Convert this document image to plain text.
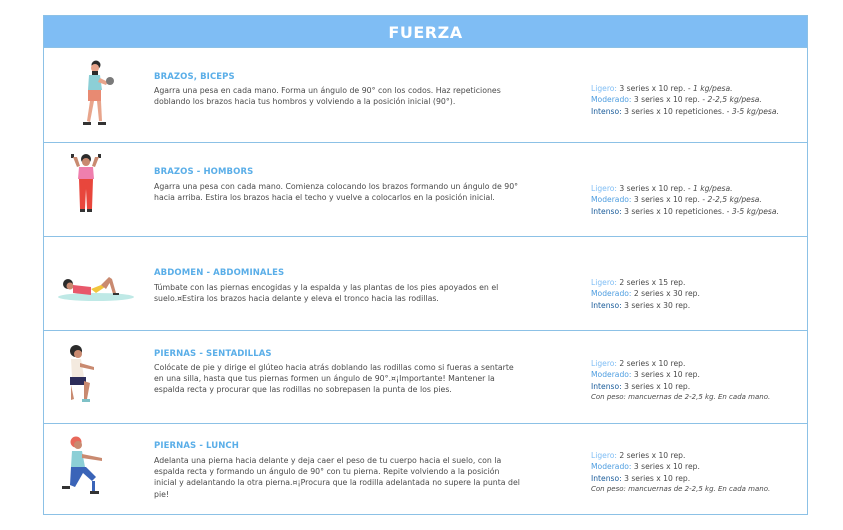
FUERZA
BRAZOS, BICEPS
Agarra una pesa en cada mano. Forma un ángulo de 90° con los codos. Haz repeticiones doblando los brazos hacia tus hombros y volviendo a la posición inicial (90°).
Ligero: 3 series x 10 rep. - 1 kg/pesa.
Moderado: 3 series x 10 rep. - 2-2,5 kg/pesa.
Intenso: 3 series x 10 repeticiones. - 3-5 kg/pesa.
BRAZOS - HOMBORS
Agarra una pesa con cada mano. Comienza colocando los brazos formando un ángulo de 90° hacia arriba. Estira los brazos hacia el techo y vuelve a colocarlos en la posición inicial.
Ligero: 3 series x 10 rep. - 1 kg/pesa.
Moderado: 3 series x 10 rep. - 2-2,5 kg/pesa.
Intenso: 3 series x 10 repeticiones. - 3-5 kg/pesa.
ABDOMEN - ABDOMINALES
Túmbate con las piernas encogidas y la espalda y las plantas de los pies apoyados en el suelo.¤Estira los brazos hacia delante y eleva el tronco hacia las rodillas.
Ligero: 2 series x 15 rep.
Moderado: 2 series x 30 rep.
Intenso: 3 series x 30 rep.
PIERNAS - SENTADILLAS
Colócate de pie y dirige el glúteo hacia atrás doblando las rodillas como si fueras a sentarte en una silla, hasta que tus piernas formen un ángulo de 90°.¤¡Importante! Mantener la espalda recta y procurar que las rodillas no sobrepasen la punta de los pies.
Ligero: 2 series x 10 rep.
Moderado: 3 series x 10 rep.
Intenso: 3 series x 10 rep.
Con peso: mancuernas de 2-2,5 kg. En cada mano.
PIERNAS - LUNCH
Adelanta una pierna hacia delante y deja caer el peso de tu cuerpo hacia el suelo, con la espalda recta y formando un ángulo de 90° con tu pierna. Repite volviendo a la posición inicial y adelantando la otra pierna.¤¡Procura que la rodilla adelantada no supere la punta del pie!
Ligero: 2 series x 10 rep.
Moderado: 3 series x 10 rep.
Intenso: 3 series x 10 rep.
Con peso: mancuernas de 2-2,5 kg. En cada mano.
